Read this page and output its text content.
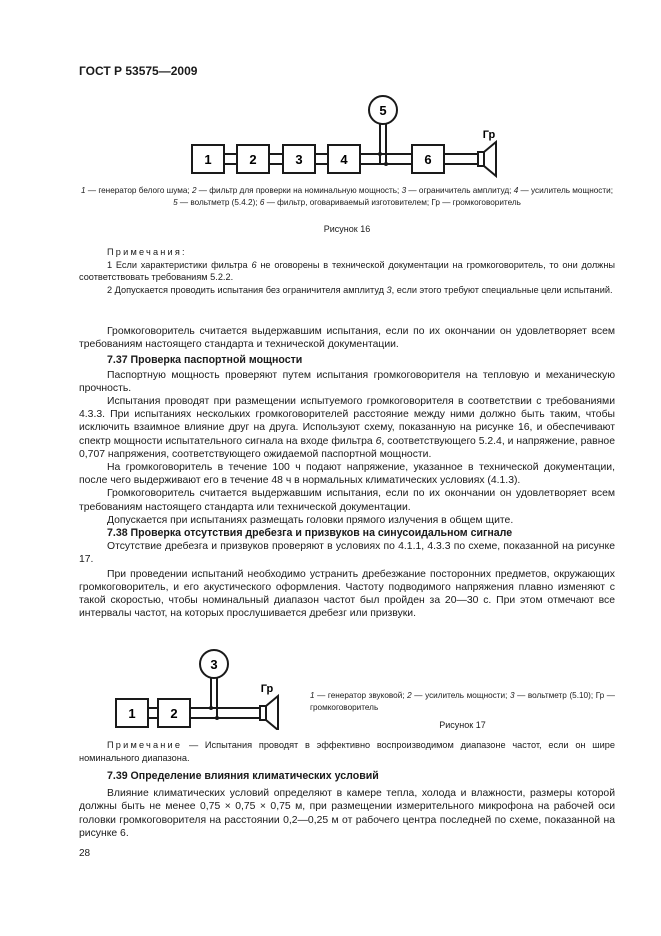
ГОСТ Р 53575—2009
1	2	3	4	6
5
Гр
1 — генератор белого шума; 2 — фильтр для проверки на номинальную мощность; 3 — ограничитель амплитуд; 4 — усилитель мощности; 5 — вольтметр (5.4.2); 6 — фильтр, оговариваемый изготовителем; Гр — громкоговоритель
Рисунок 16

Примечания:

1 Если характеристики фильтра 6 не оговорены в технической документации на громкоговоритель, то они должны соответствовать требованиям 5.2.2.

2 Допускается проводить испытания без ограничителя амплитуд 3, если этого требуют специальные цели испытаний.

Громкоговоритель считается выдержавшим испытания, если по их окончании он удовлетворяет всем требованиям настоящего стандарта и технической документации.

7.37 Проверка паспортной мощности

Паспортную мощность проверяют путем испытания громкоговорителя на тепловую и механическую прочность.

Испытания проводят при размещении испытуемого громкоговорителя в соответствии с требованиями 4.3.3. При испытаниях нескольких громкоговорителей расстояние между ними должно быть таким, чтобы исключить взаимное влияние друг на друга. Используют схему, показанную на рисунке 16, и обеспечивают спектр мощности испытательного сигнала на входе фильтра 6, соответствующего 5.2.4, и напряжение, равное 0,707 напряжения, соответствующего ожидаемой паспортной мощности.

На громкоговоритель в течение 100 ч подают напряжение, указанное в технической документации, после чего выдерживают его в течение 48 ч в нормальных климатических условиях (4.1.3).

Громкоговоритель считается выдержавшим испытания, если по их окончании он удовлетворяет всем требованиям настоящего стандарта или технической документации.

Допускается при испытаниях размещать головки прямого излучения в общем щите.

7.38 Проверка отсутствия дребезга и призвуков на синусоидальном сигнале

Отсутствие дребезга и призвуков проверяют в условиях по 4.1.1, 4.3.3 по схеме, показанной на рисунке 17.

При проведении испытаний необходимо устранить дребезжание посторонних предметов, окружающих громкоговоритель, и его акустического оформления. Частоту подводимого напряжения плавно изменяют с такой скоростью, чтобы номинальный диапазон частот был пройден за 20—30 с. При этом отмечают все интервалы частот, на которых прослушивается дребезг или призвуки.

1	2
3
Гр
1 — генератор звуковой; 2 — усилитель мощности; 3 — вольтметр (5.10); Гр — громкоговоритель
Рисунок 17

Примечание — Испытания проводят в эффективно воспроизводимом диапазоне частот, если он шире номинального диапазона.

7.39 Определение влияния климатических условий

Влияние климатических условий определяют в камере тепла, холода и влажности, размеры которой должны быть не менее 0,75 × 0,75 × 0,75 м, при размещении измерительного микрофона на рабочей оси головки громкоговорителя на расстоянии 0,2—0,25 м от рабочего центра последней по схеме, показанной на рисунке 6.

28
